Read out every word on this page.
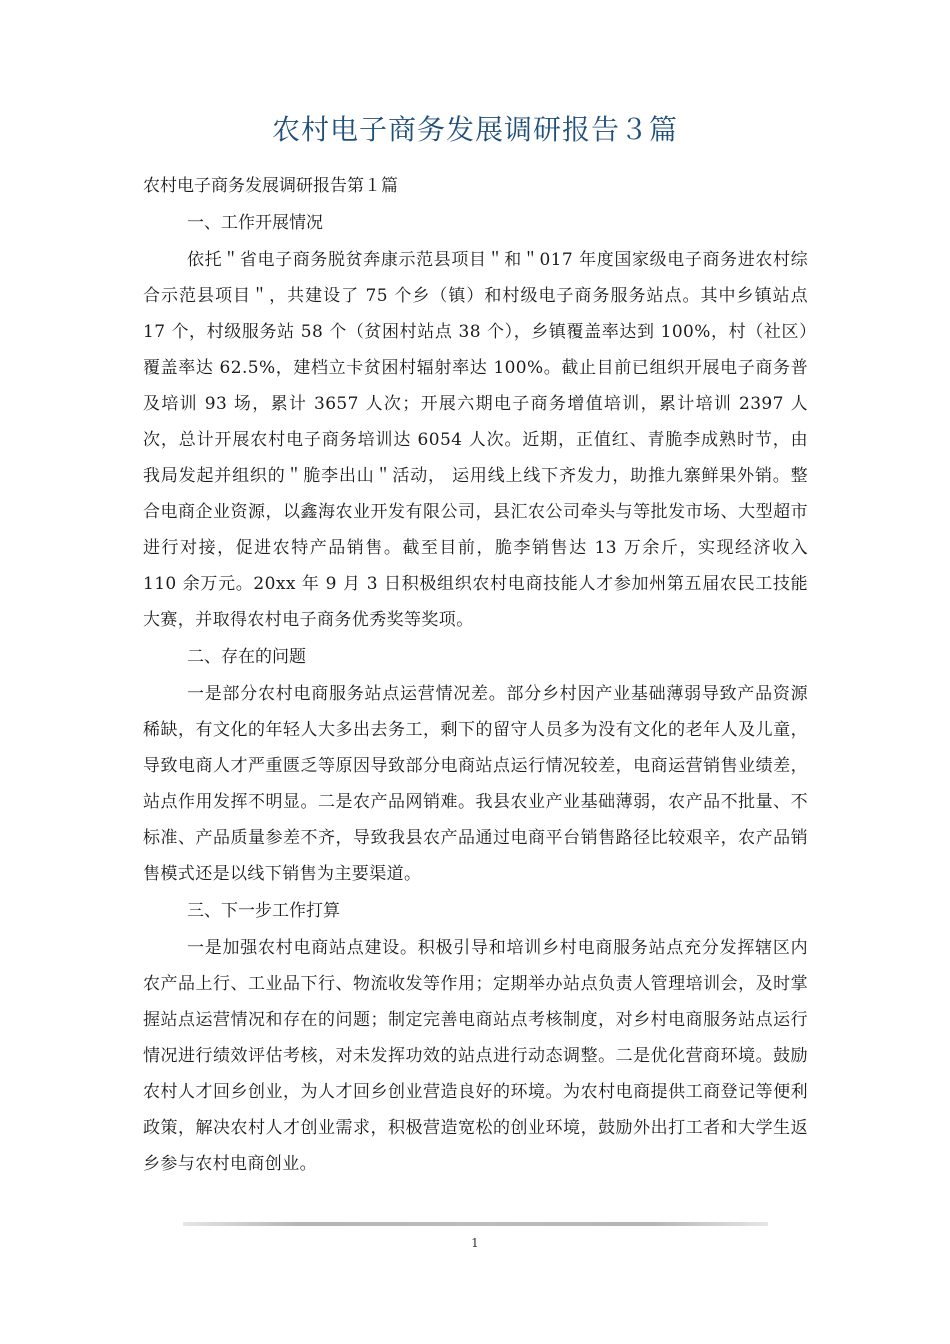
农村电子商务发展调研报告３篇

农村电子商务发展调研报告第１篇

一、工作开展情况

依托＂省电子商务脱贫奔康示范县项目＂和＂017 年度国家级电子商务进农村综合示范县项目＂，共建设了 75 个乡（镇）和村级电子商务服务站点。其中乡镇站点 17 个，村级服务站 58 个（贫困村站点 38 个），乡镇覆盖率达到 100%，村（社区）覆盖率达 62.5%，建档立卡贫困村辐射率达 100%。截止目前已组织开展电子商务普及培训 93 场，累计 3657 人次；开展六期电子商务增值培训，累计培训 2397 人次，总计开展农村电子商务培训达 6054 人次。近期，正值红、青脆李成熟时节，由我局发起并组织的＂脆李出山＂活动， 运用线上线下齐发力，助推九寨鲜果外销。整合电商企业资源，以鑫海农业开发有限公司，县汇农公司牵头与等批发市场、大型超市进行对接，促进农特产品销售。截至目前，脆李销售达 13 万余斤，实现经济收入 110 余万元。20xx 年 9 月 3 日积极组织农村电商技能人才参加州第五届农民工技能大赛，并取得农村电子商务优秀奖等奖项。

二、存在的问题

一是部分农村电商服务站点运营情况差。部分乡村因产业基础薄弱导致产品资源稀缺，有文化的年轻人大多出去务工，剩下的留守人员多为没有文化的老年人及儿童，导致电商人才严重匮乏等原因导致部分电商站点运行情况较差，电商运营销售业绩差，站点作用发挥不明显。二是农产品网销难。我县农业产业基础薄弱，农产品不批量、不标准、产品质量参差不齐，导致我县农产品通过电商平台销售路径比较艰辛，农产品销售模式还是以线下销售为主要渠道。

三、下一步工作打算

一是加强农村电商站点建设。积极引导和培训乡村电商服务站点充分发挥辖区内农产品上行、工业品下行、物流收发等作用；定期举办站点负责人管理培训会，及时掌握站点运营情况和存在的问题；制定完善电商站点考核制度，对乡村电商服务站点运行情况进行绩效评估考核，对未发挥功效的站点进行动态调整。二是优化营商环境。鼓励农村人才回乡创业，为人才回乡创业营造良好的环境。为农村电商提供工商登记等便利政策，解决农村人才创业需求，积极营造宽松的创业环境，鼓励外出打工者和大学生返乡参与农村电商创业。

1
